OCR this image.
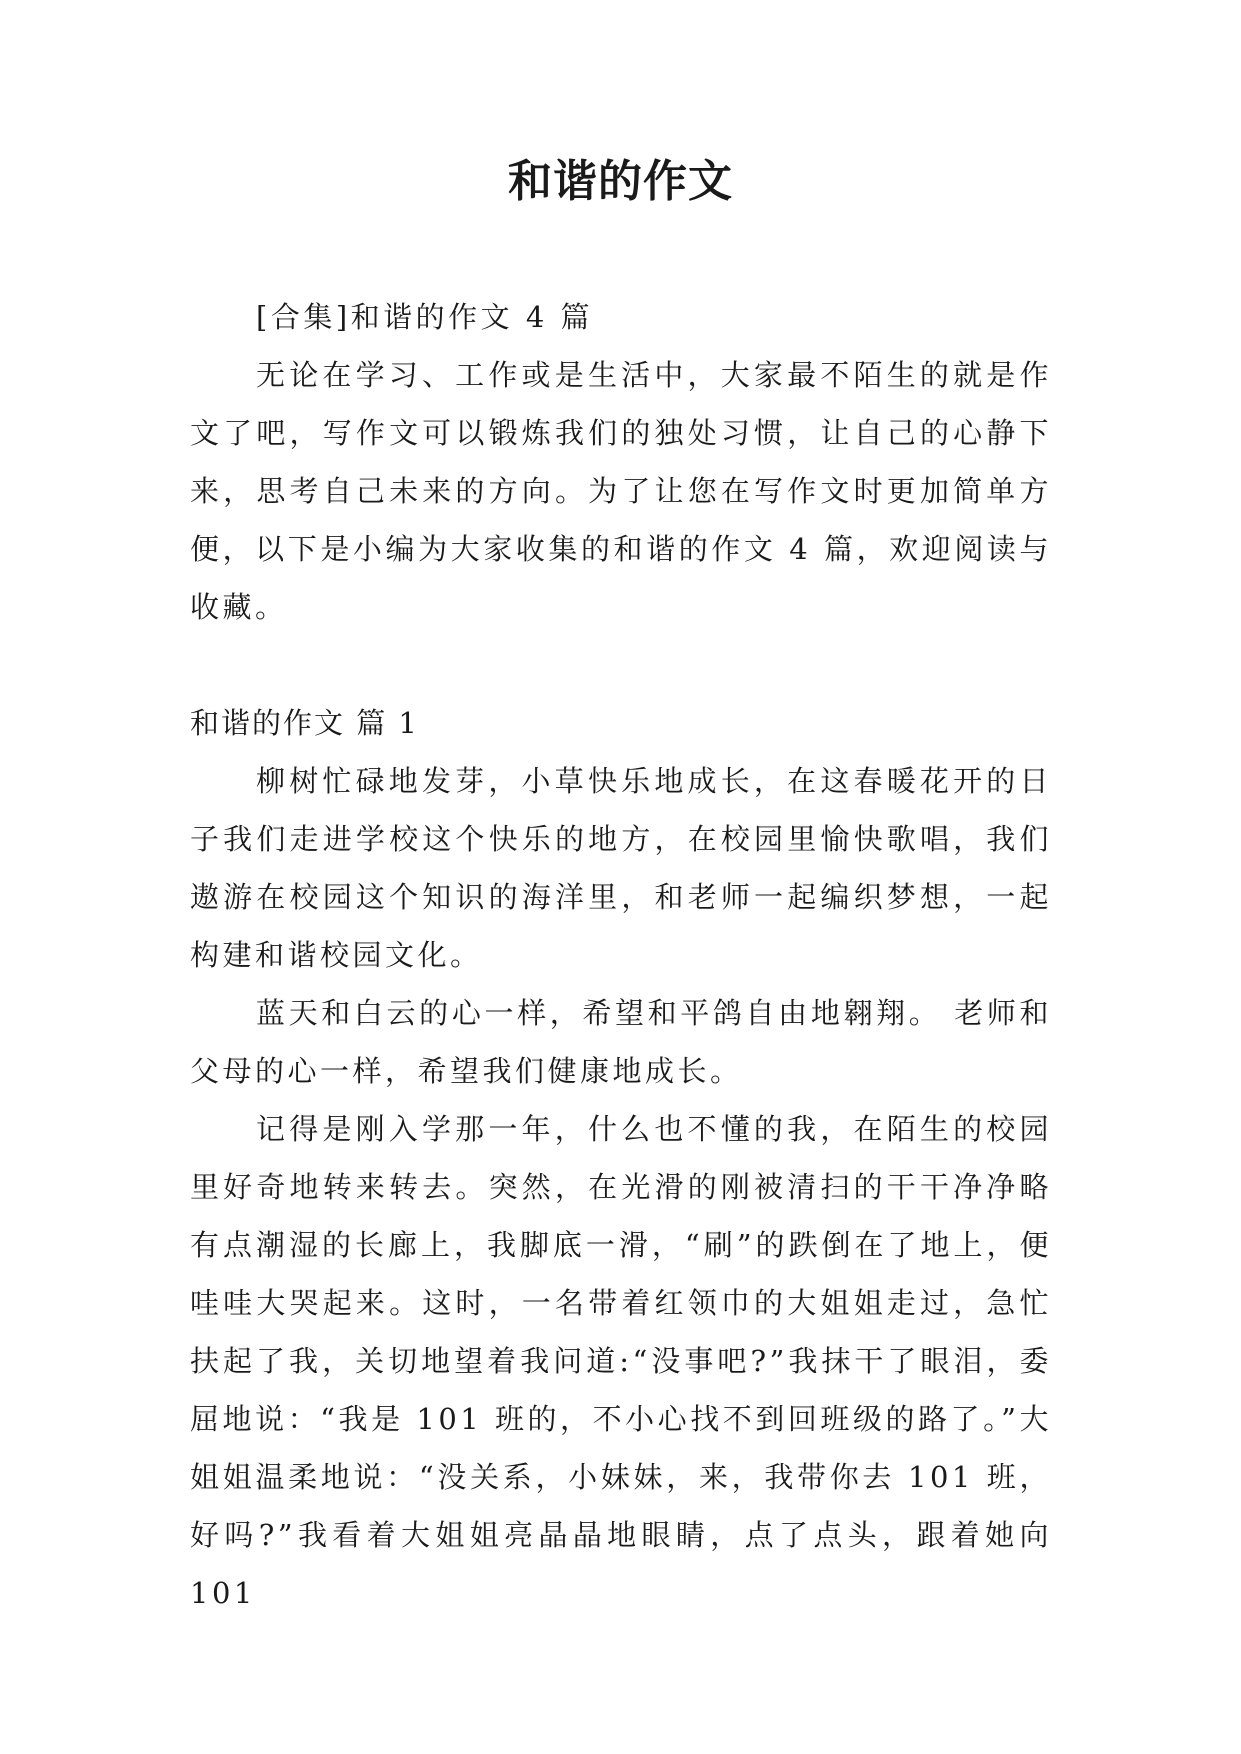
和谐的作文

[合集]和谐的作文 4 篇

无论在学习、工作或是生活中，大家最不陌生的就是作文了吧，写作文可以锻炼我们的独处习惯，让自己的心静下来，思考自己未来的方向。为了让您在写作文时更加简单方便，以下是小编为大家收集的和谐的作文 4 篇，欢迎阅读与收藏。

和谐的作文 篇 1

柳树忙碌地发芽，小草快乐地成长，在这春暖花开的日子我们走进学校这个快乐的地方，在校园里愉快歌唱，我们遨游在校园这个知识的海洋里，和老师一起编织梦想，一起构建和谐校园文化。

蓝天和白云的心一样，希望和平鸽自由地翱翔。 老师和父母的心一样，希望我们健康地成长。

记得是刚入学那一年，什么也不懂的我，在陌生的校园里好奇地转来转去。突然，在光滑的刚被清扫的干干净净略有点潮湿的长廊上，我脚底一滑，“刷”的跌倒在了地上，便哇哇大哭起来。这时，一名带着红领巾的大姐姐走过，急忙扶起了我，关切地望着我问道:“没事吧?”我抹干了眼泪，委屈地说：“我是 101 班的，不小心找不到回班级的路了。”大姐姐温柔地说：“没关系，小妹妹，来，我带你去 101 班，好吗?”我看着大姐姐亮晶晶地眼睛，点了点头，跟着她向 101
